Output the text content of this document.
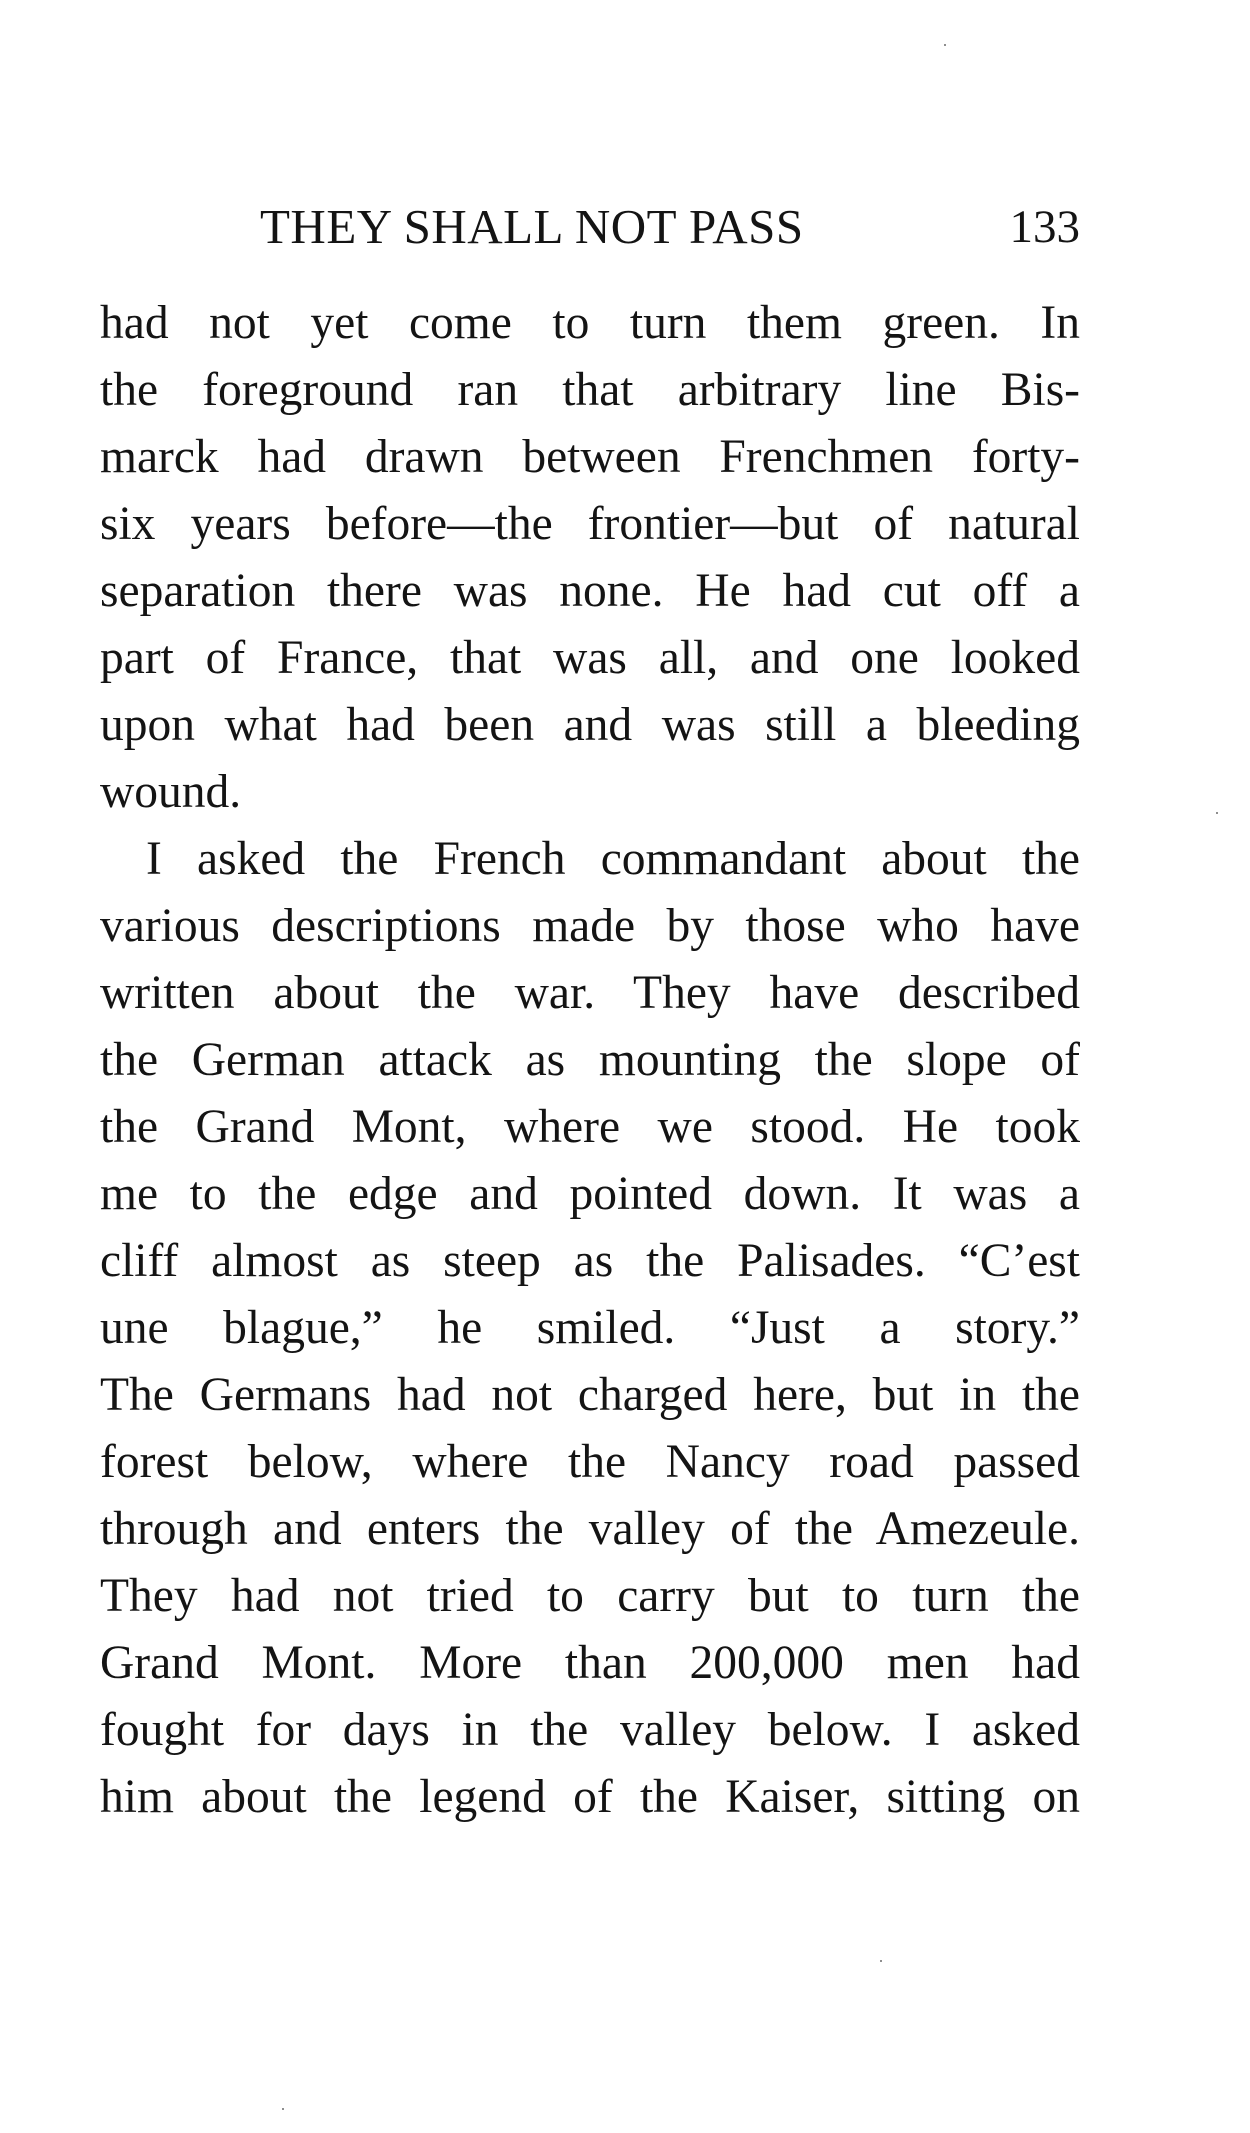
THEY SHALL NOT PASS	133
had not yet come to turn them green. In
the foreground ran that arbitrary line Bis-
marck had drawn between Frenchmen forty-
six years before—the frontier—but of natural
separation there was none. He had cut off a
part of France, that was all, and one looked
upon what had been and was still a bleeding
wound.
I asked the French commandant about the
various descriptions made by those who have
written about the war. They have described
the German attack as mounting the slope of
the Grand Mont, where we stood. He took
me to the edge and pointed down. It was a
cliff almost as steep as the Palisades. “C’est
une blague,” he smiled. “Just a story.”
The Germans had not charged here, but in the
forest below, where the Nancy road passed
through and enters the valley of the Amezeule.
They had not tried to carry but to turn the
Grand Mont. More than 200,000 men had
fought for days in the valley below. I asked
him about the legend of the Kaiser, sitting on
